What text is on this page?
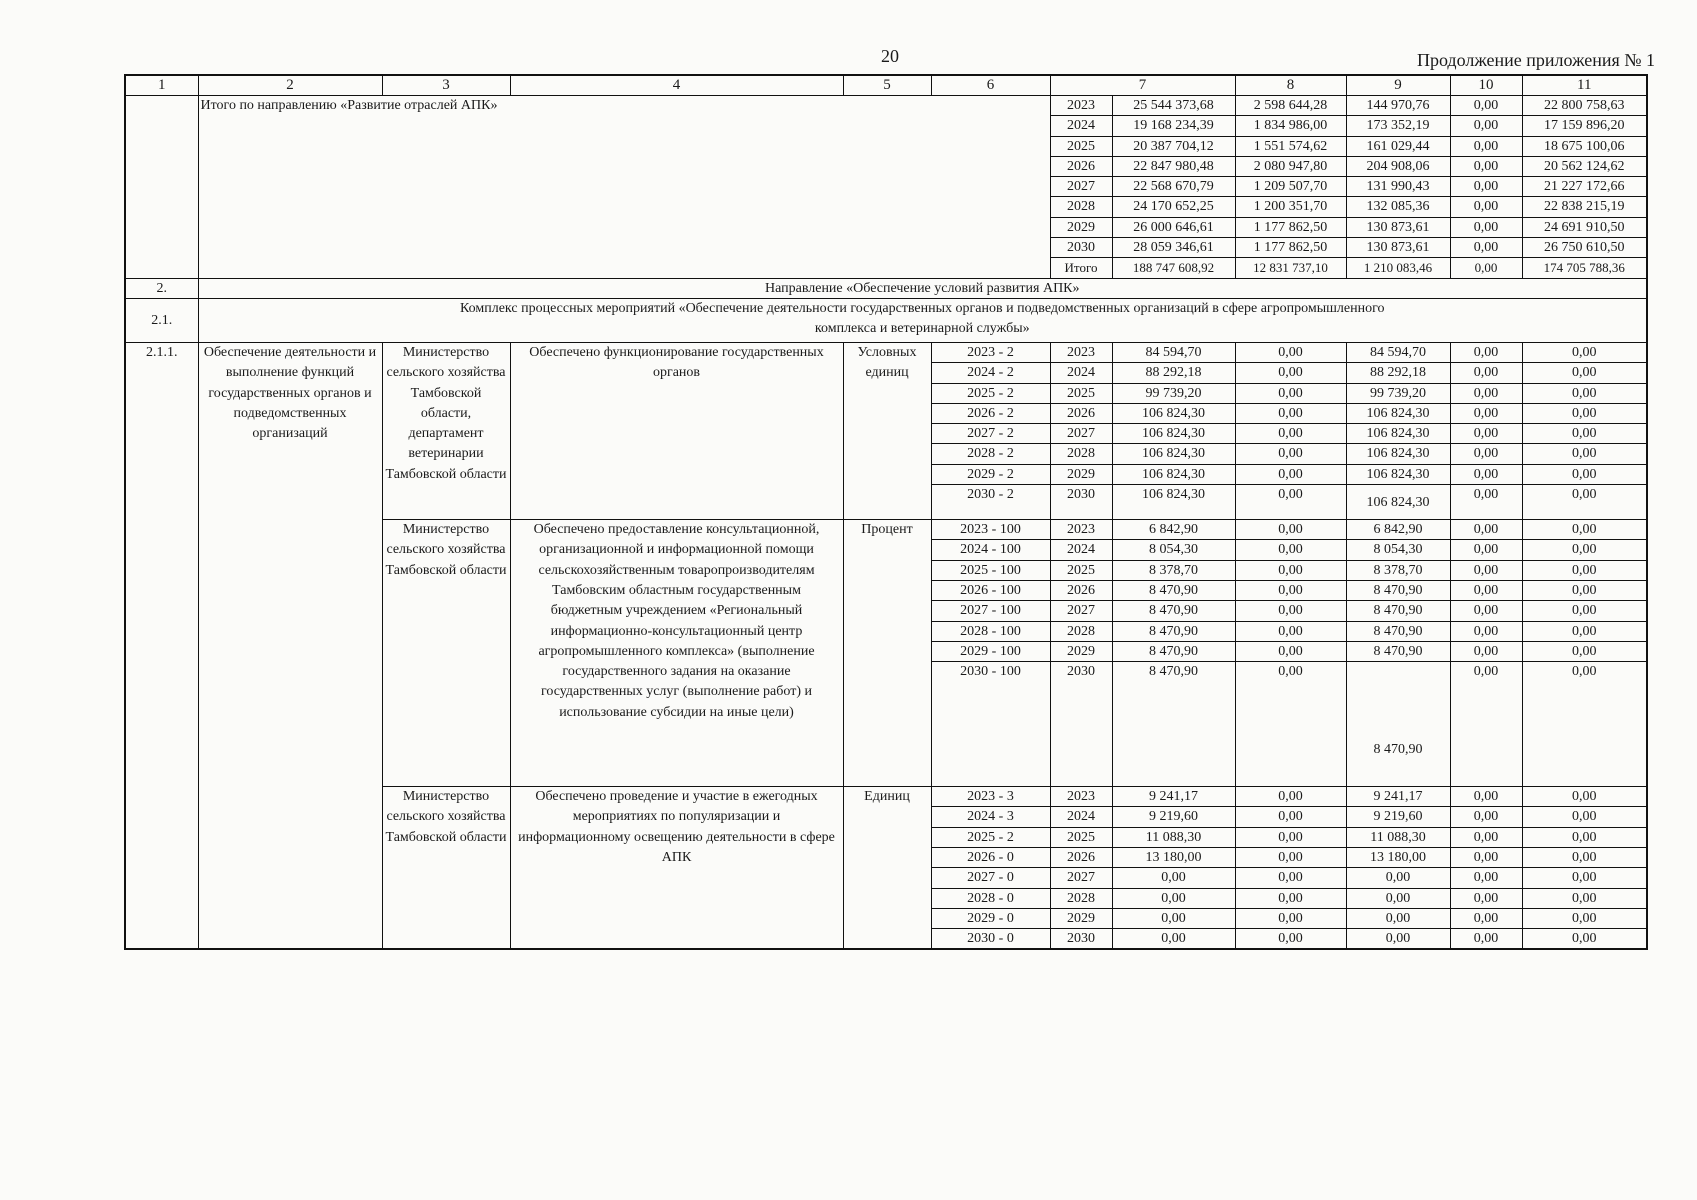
20	Продолжение приложения № 1
1	2	3	4	5	6	7		8	9	10	11
	Итого по направлению «Развитие отраслей АПК»					2023	25 544 373,68	2 598 644,28	144 970,76	0,00	22 800 758,63
						2024	19 168 234,39	1 834 986,00	173 352,19	0,00	17 159 896,20
						2025	20 387 704,12	1 551 574,62	161 029,44	0,00	18 675 100,06
						2026	22 847 980,48	2 080 947,80	204 908,06	0,00	20 562 124,62
						2027	22 568 670,79	1 209 507,70	131 990,43	0,00	21 227 172,66
						2028	24 170 652,25	1 200 351,70	132 085,36	0,00	22 838 215,19
						2029	26 000 646,61	1 177 862,50	130 873,61	0,00	24 691 910,50
						2030	28 059 346,61	1 177 862,50	130 873,61	0,00	26 750 610,50
						Итого	188 747 608,92	12 831 737,10	1 210 083,46	0,00	174 705 788,36
2.	Направление «Обеспечение условий развития АПК»										
2.1.	Комплекс процессных мероприятий «Обеспечение деятельности государственных органов и подведомственных организаций в сфере агропромышленного комплекса и ветеринарной службы»										
2.1.1.	Обеспечение деятельности и выполнение функций государственных органов и подведомственных организаций	Министерство сельского хозяйства Тамбовской области, департамент ветеринарии Тамбовской области	Обеспечено функционирование государственных органов	Условных единиц	2023 - 2	2023	84 594,70	0,00	84 594,70	0,00	0,00
					2024 - 2	2024	88 292,18	0,00	88 292,18	0,00	0,00
					2025 - 2	2025	99 739,20	0,00	99 739,20	0,00	0,00
					2026 - 2	2026	106 824,30	0,00	106 824,30	0,00	0,00
					2027 - 2	2027	106 824,30	0,00	106 824,30	0,00	0,00
					2028 - 2	2028	106 824,30	0,00	106 824,30	0,00	0,00
					2029 - 2	2029	106 824,30	0,00	106 824,30	0,00	0,00
					2030 - 2	2030	106 824,30	0,00	106 824,30	0,00	0,00
		Министерство сельского хозяйства Тамбовской области	Обеспечено предоставление консультационной, организационной и информационной помощи сельскохозяйственным товаропроизводителям Тамбовским областным государственным бюджетным учреждением «Региональный информационно-консультационный центр агропромышленного комплекса» (выполнение государственного задания на оказание государственных услуг (выполнение работ) и использование субсидии на иные цели)	Процент	2023 - 100	2023	6 842,90	0,00	6 842,90	0,00	0,00
					2024 - 100	2024	8 054,30	0,00	8 054,30	0,00	0,00
					2025 - 100	2025	8 378,70	0,00	8 378,70	0,00	0,00
					2026 - 100	2026	8 470,90	0,00	8 470,90	0,00	0,00
					2027 - 100	2027	8 470,90	0,00	8 470,90	0,00	0,00
					2028 - 100	2028	8 470,90	0,00	8 470,90	0,00	0,00
					2029 - 100	2029	8 470,90	0,00	8 470,90	0,00	0,00
					2030 - 100	2030	8 470,90	0,00	8 470,90	0,00	0,00
		Министерство сельского хозяйства Тамбовской области	Обеспечено проведение и участие в ежегодных мероприятиях по популяризации и информационному освещению деятельности в сфере АПК	Единиц	2023 - 3	2023	9 241,17	0,00	9 241,17	0,00	0,00
					2024 - 3	2024	9 219,60	0,00	9 219,60	0,00	0,00
					2025 - 2	2025	11 088,30	0,00	11 088,30	0,00	0,00
					2026 - 0	2026	13 180,00	0,00	13 180,00	0,00	0,00
					2027 - 0	2027	0,00	0,00	0,00	0,00	0,00
					2028 - 0	2028	0,00	0,00	0,00	0,00	0,00
					2029 - 0	2029	0,00	0,00	0,00	0,00	0,00
					2030 - 0	2030	0,00	0,00	0,00	0,00	0,00
